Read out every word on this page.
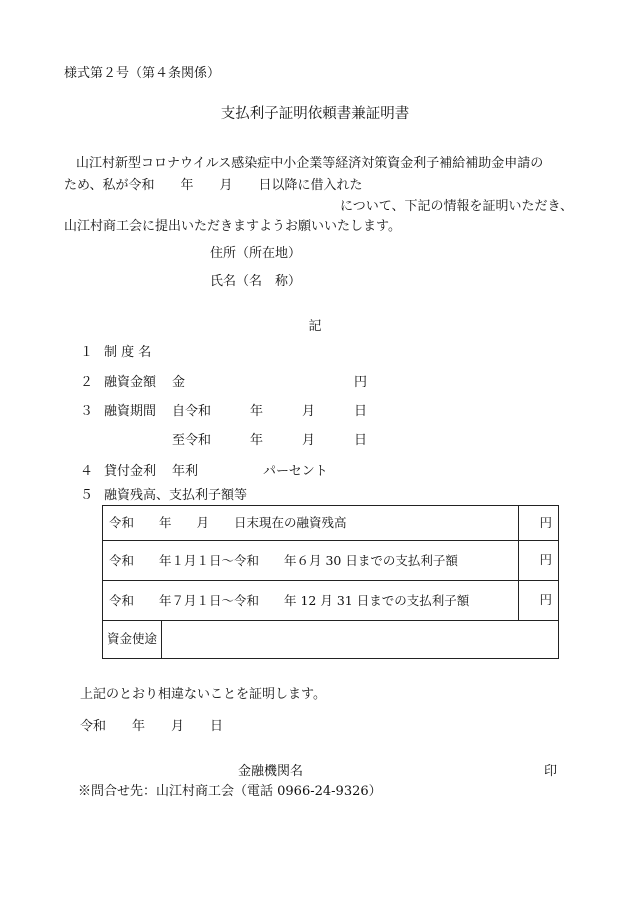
様式第２号（第４条関係）
支払利子証明依頼書兼証明書
山江村新型コロナウイルス感染症中小企業等経済対策資金利子補給補助金申請の
ため、私が令和　　年　　月　　日以降に借入れた
について、下記の情報を証明いただき、
山江村商工会に提出いただきますようお願いいたします。
住所（所在地）
氏名（名　称）
記
１ 制 度 名
２ 融資金額 金　　　　　　　　　　　　　円
３ 融資期間 自令和　　　年　　　月　　　日
至令和　　　年　　　月　　　日
４ 貸付金利 年利　　　　　パーセント
５ 融資残高、支払利子額等
令和　　年　　月　　日末現在の融資残高		円
令和　　年１月１日～令和　　年６月 30 日までの支払利子額		円
令和　　年７月１日～令和　　年 12 月 31 日までの支払利子額		円
資金使途		
上記のとおり相違ないことを証明します。
令和　　年　　月　　日
金融機関名	印
※問合せ先：山江村商工会（電話 0966-24-9326）
